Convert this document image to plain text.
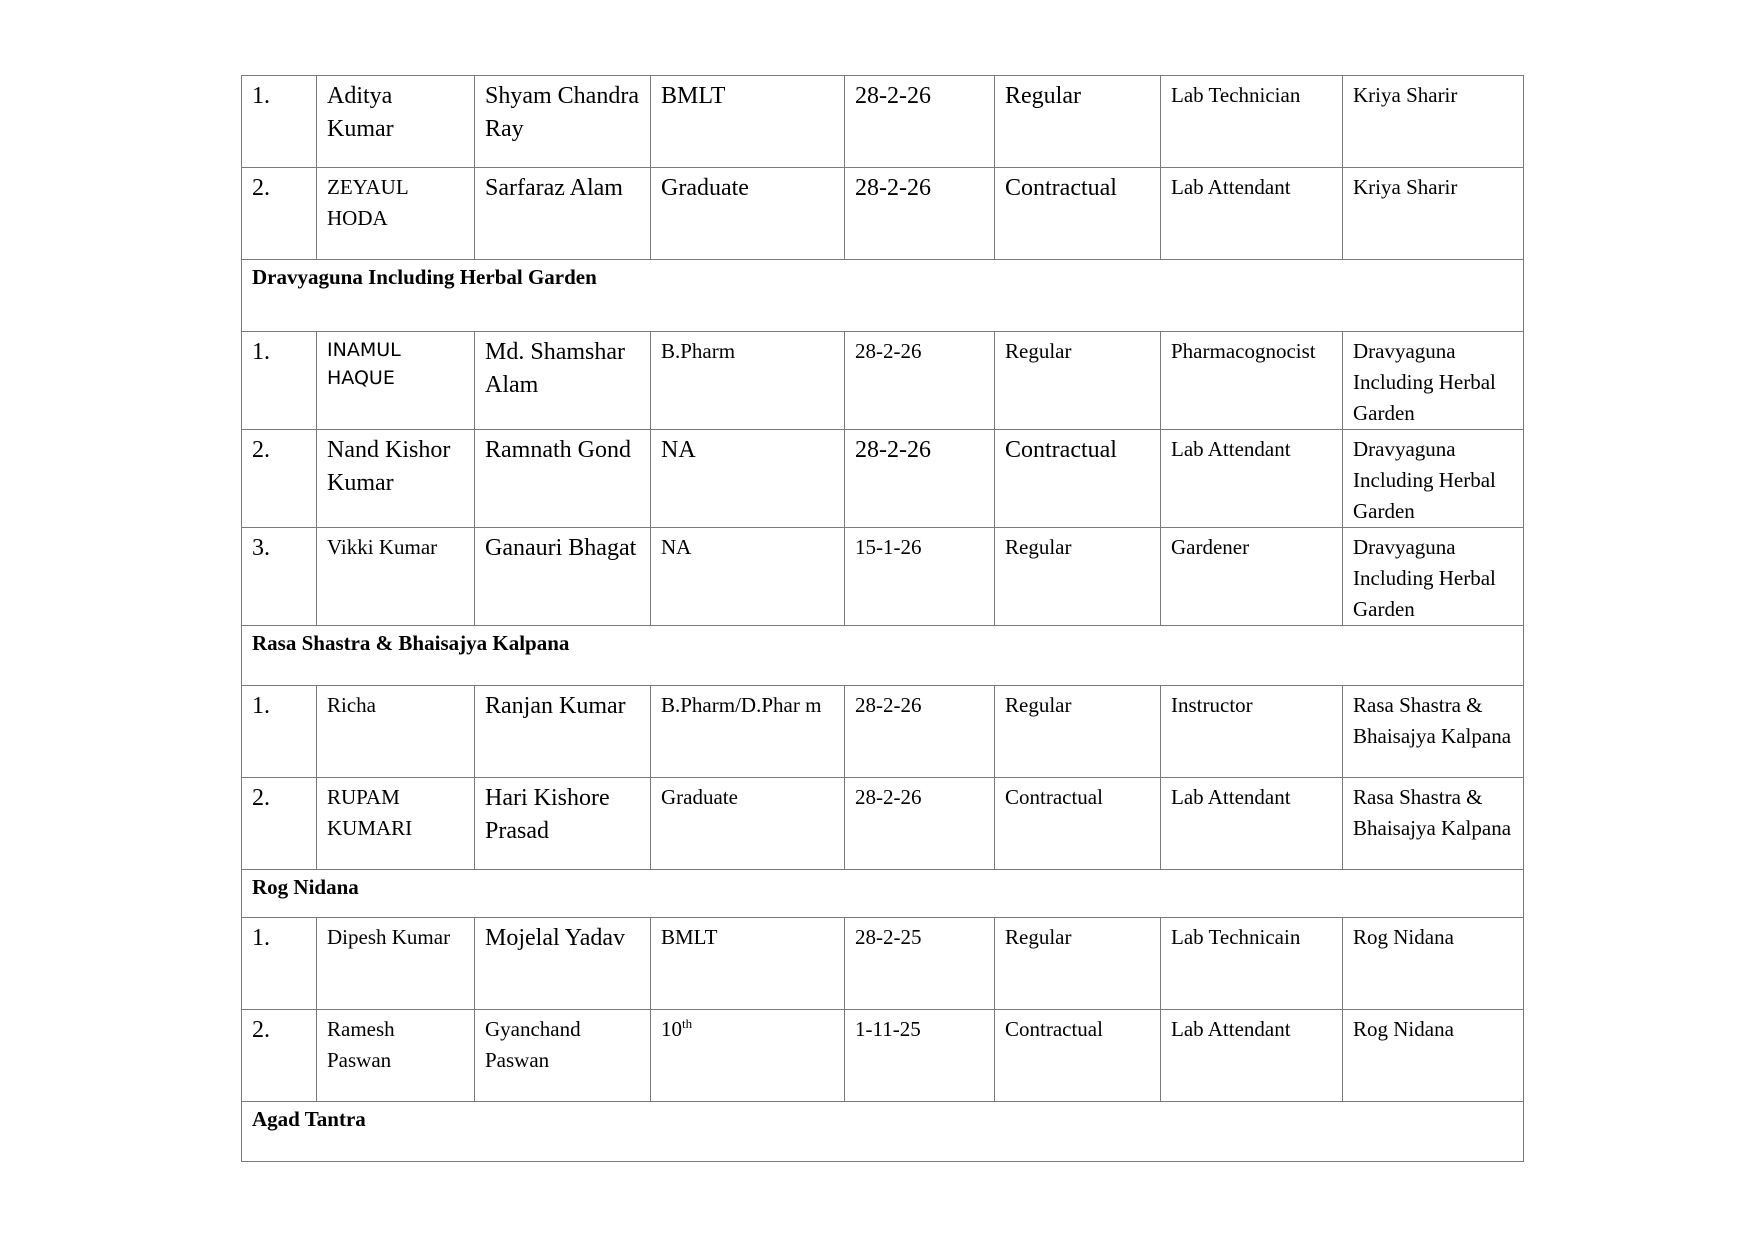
1.	Aditya Kumar	Shyam Chandra Ray	BMLT	28-2-26	Regular	Lab Technician	Kriya Sharir
2.	ZEYAUL HODA	Sarfaraz Alam	Graduate	28-2-26	Contractual	Lab Attendant	Kriya Sharir
Dravyaguna Including Herbal Garden							
1.	INAMUL HAQUE	Md. Shamshar Alam	B.Pharm	28-2-26	Regular	Pharmacognocist	Dravyaguna Including Herbal Garden
2.	Nand Kishor Kumar	Ramnath Gond	NA	28-2-26	Contractual	Lab Attendant	Dravyaguna Including Herbal Garden
3.	Vikki Kumar	Ganauri Bhagat	NA	15-1-26	Regular	Gardener	Dravyaguna Including Herbal Garden
Rasa Shastra & Bhaisajya Kalpana							
1.	Richa	Ranjan Kumar	B.Pharm/D.Phar m	28-2-26	Regular	Instructor	Rasa Shastra & Bhaisajya Kalpana
2.	RUPAM KUMARI	Hari Kishore Prasad	Graduate	28-2-26	Contractual	Lab Attendant	Rasa Shastra & Bhaisajya Kalpana
Rog Nidana							
1.	Dipesh Kumar	Mojelal Yadav	BMLT	28-2-25	Regular	Lab Technicain	Rog Nidana
2.	Ramesh Paswan	Gyanchand Paswan	10th	1-11-25	Contractual	Lab Attendant	Rog Nidana
Agad Tantra							
